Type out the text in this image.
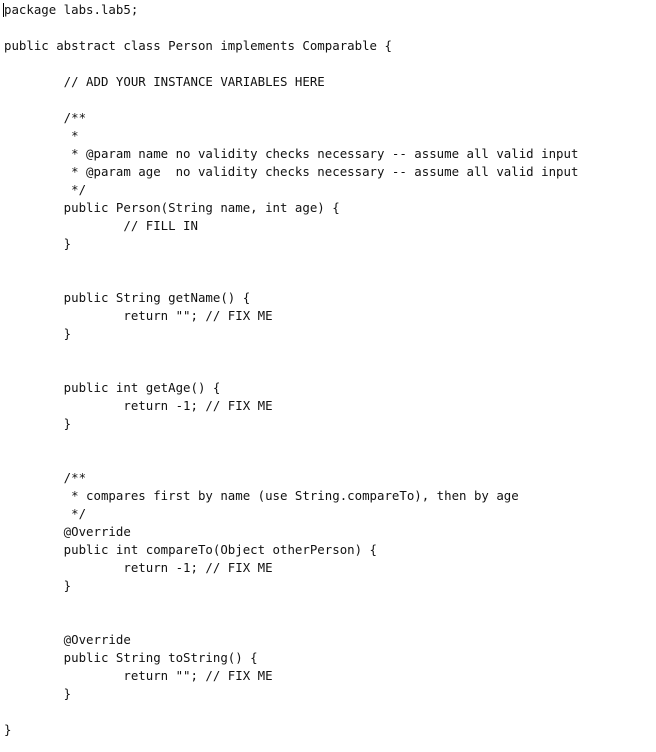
package labs.lab5;
public abstract class Person implements Comparable {
// ADD YOUR INSTANCE VARIABLES HERE
/**
*
* @param name no validity checks necessary -- assume all valid input
* @param age  no validity checks necessary -- assume all valid input
*/
public Person(String name, int age) {
// FILL IN
}
public String getName() {
return ""; // FIX ME
}
public int getAge() {
return -1; // FIX ME
}
/**
* compares first by name (use String.compareTo), then by age
*/
@Override
public int compareTo(Object otherPerson) {
return -1; // FIX ME
}
@Override
public String toString() {
return ""; // FIX ME
}
}
